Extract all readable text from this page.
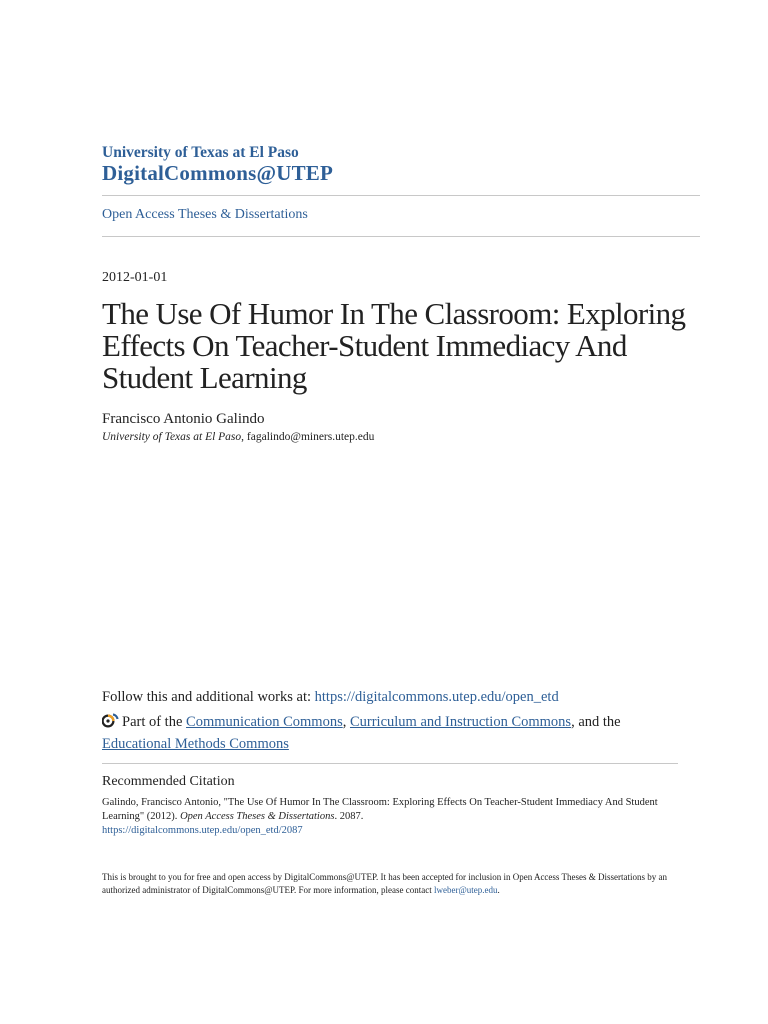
University of Texas at El Paso
DigitalCommons@UTEP
Open Access Theses & Dissertations
2012-01-01
The Use Of Humor In The Classroom: Exploring Effects On Teacher-Student Immediacy And Student Learning
Francisco Antonio Galindo
University of Texas at El Paso, fagalindo@miners.utep.edu
Follow this and additional works at: https://digitalcommons.utep.edu/open_etd
Part of the Communication Commons, Curriculum and Instruction Commons, and the
Educational Methods Commons
Recommended Citation
Galindo, Francisco Antonio, "The Use Of Humor In The Classroom: Exploring Effects On Teacher-Student Immediacy And Student Learning" (2012). Open Access Theses & Dissertations. 2087.
https://digitalcommons.utep.edu/open_etd/2087
This is brought to you for free and open access by DigitalCommons@UTEP. It has been accepted for inclusion in Open Access Theses & Dissertations by an authorized administrator of DigitalCommons@UTEP. For more information, please contact lweber@utep.edu.
